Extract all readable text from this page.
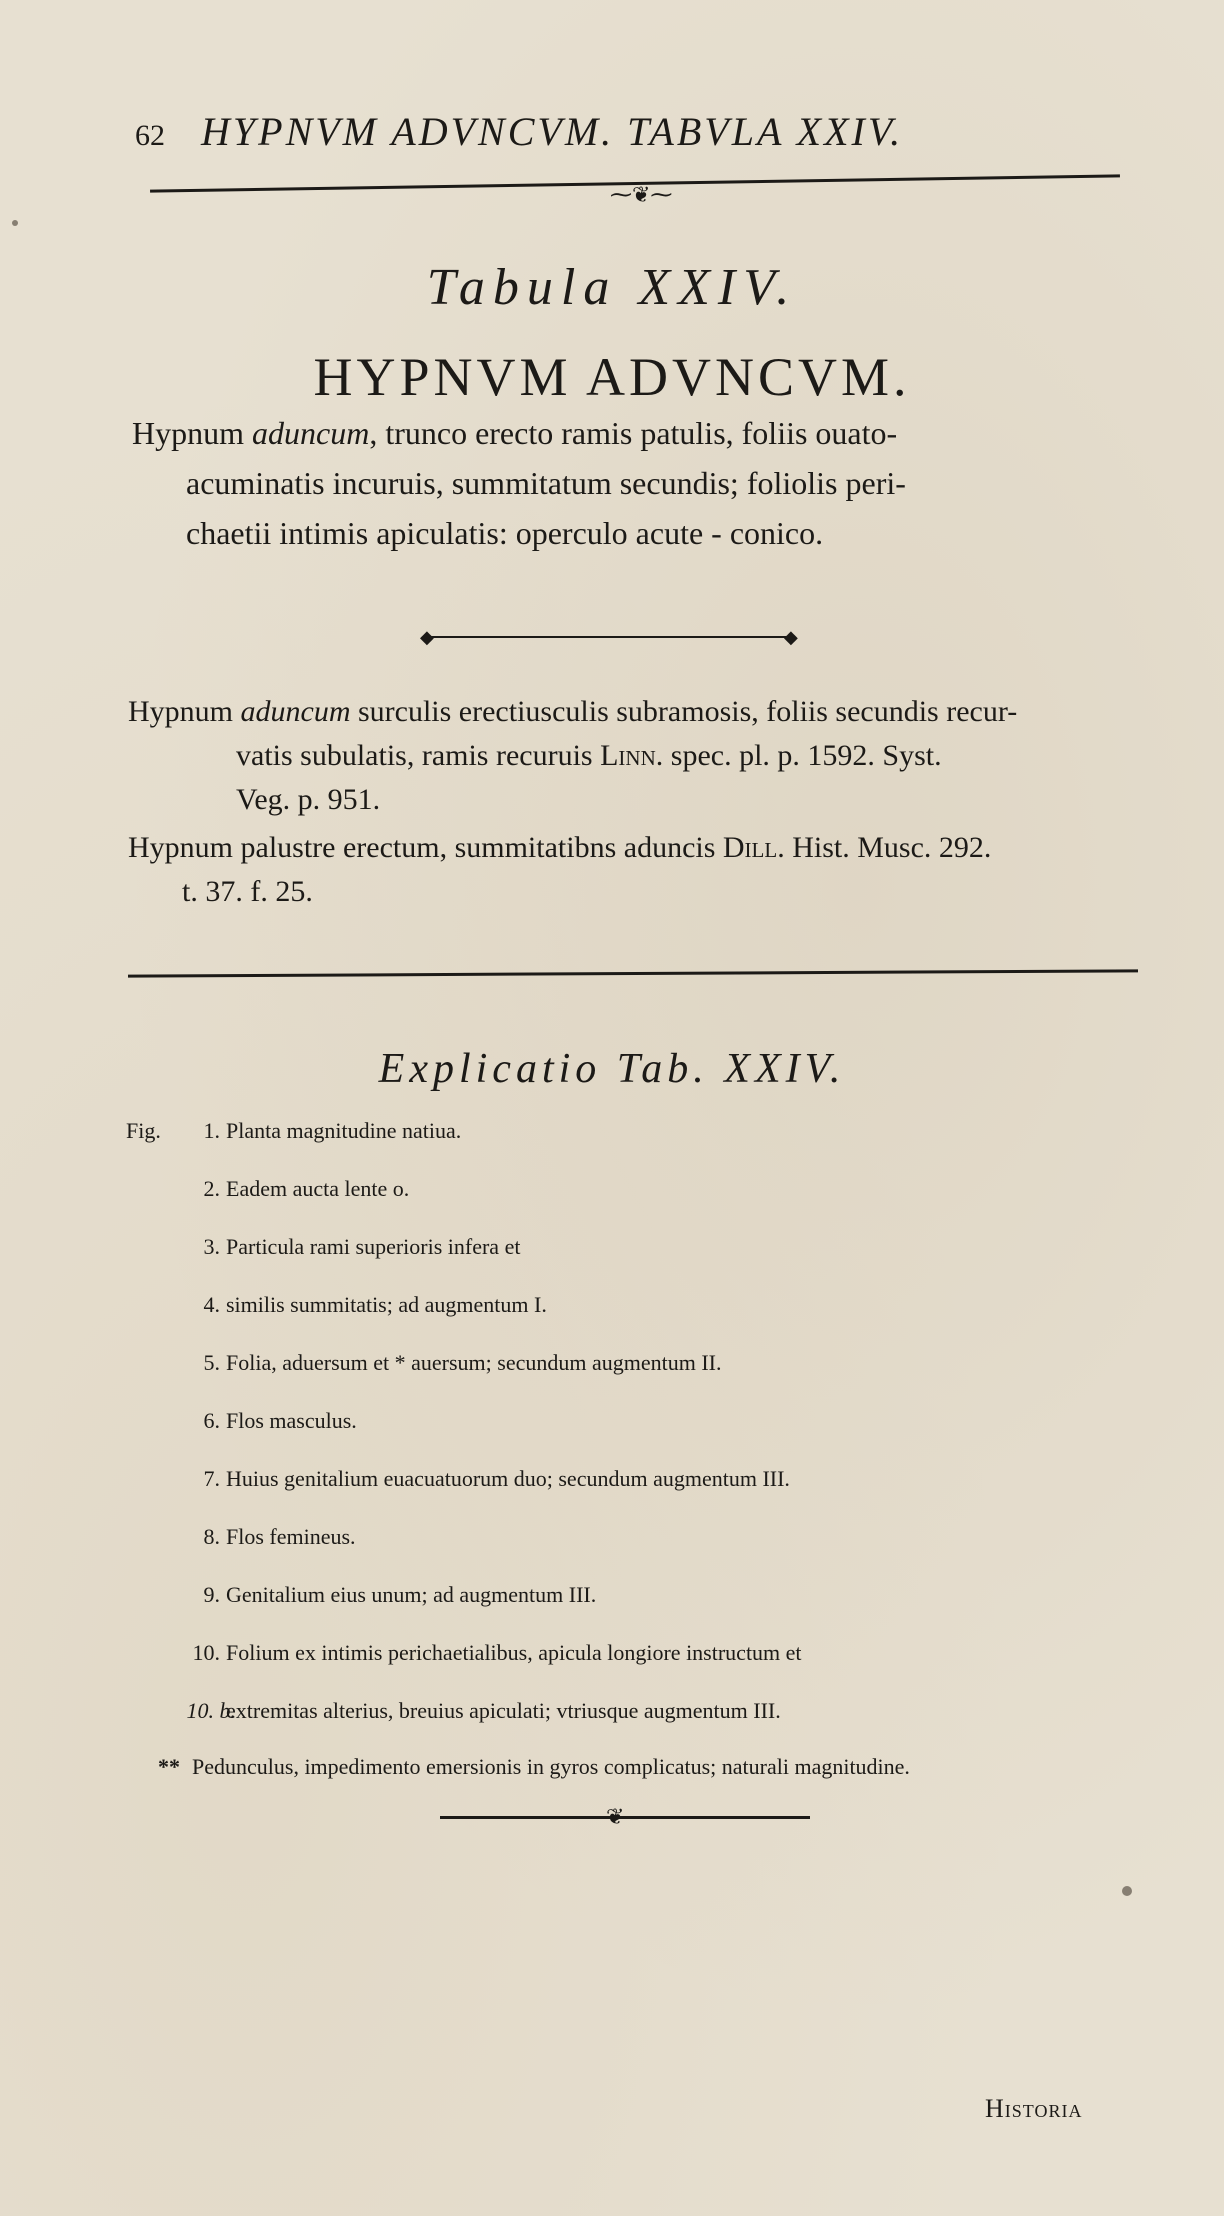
62 HYPNVM ADVNCVM. TABVLA XXIV.
⁓❦⁓
Tabula XXIV.
HYPNVM ADVNCVM.
Hypnum aduncum, trunco erecto ramis patulis, foliis ouato-
acuminatis incuruis, summitatum secundis; foliolis peri-
chaetii intimis apiculatis: operculo acute - conico.
◆	◆
Hypnum aduncum surculis erectiusculis subramosis, foliis secundis recur-
vatis subulatis, ramis recuruis Linn. spec. pl. p. 1592. Syst.
Veg. p. 951.
Hypnum palustre erectum, summitatibns aduncis Dill. Hist. Musc. 292.
t. 37. f. 25.
Explicatio Tab. XXIV.
Fig.	1. Planta magnitudine natiua.
2. Eadem aucta lente o.
3. Particula rami superioris infera et
4. similis summitatis; ad augmentum I.
5. Folia, aduersum et * auersum; secundum augmentum II.
6. Flos masculus.
7. Huius genitalium euacuatuorum duo; secundum augmentum III.
8. Flos femineus.
9. Genitalium eius unum; ad augmentum III.
10. Folium ex intimis perichaetialibus, apicula longiore instructum et
10. b.
extremitas alterius, breuius apiculati; vtriusque augmentum III.
** Pedunculus, impedimento emersionis in gyros complicatus; naturali magnitudine.
❦
Historia
